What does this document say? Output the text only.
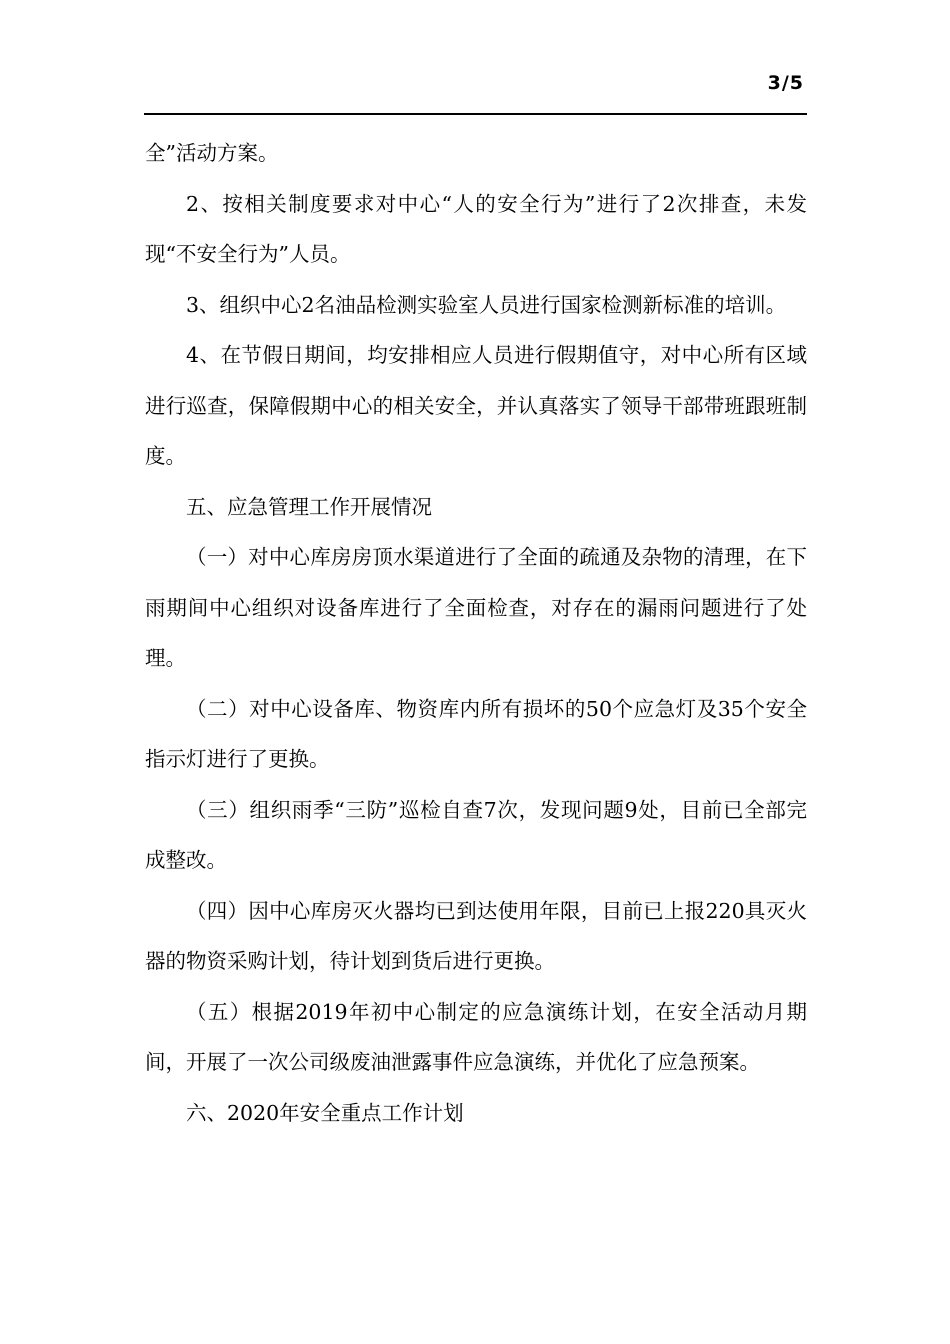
3/5

全”活动方案。

2、按相关制度要求对中心“人的安全行为”进行了2次排查，未发现“不安全行为”人员。

3、组织中心2名油品检测实验室人员进行国家检测新标准的培训。

4、在节假日期间，均安排相应人员进行假期值守，对中心所有区域进行巡查，保障假期中心的相关安全，并认真落实了领导干部带班跟班制度。

五、应急管理工作开展情况

（一）对中心库房房顶水渠道进行了全面的疏通及杂物的清理，在下雨期间中心组织对设备库进行了全面检查，对存在的漏雨问题进行了处理。

（二）对中心设备库、物资库内所有损坏的50个应急灯及35个安全指示灯进行了更换。

（三）组织雨季“三防”巡检自查7次，发现问题9处，目前已全部完成整改。

（四）因中心库房灭火器均已到达使用年限，目前已上报220具灭火器的物资采购计划，待计划到货后进行更换。

（五）根据2019年初中心制定的应急演练计划，在安全活动月期间，开展了一次公司级废油泄露事件应急演练，并优化了应急预案。

六、2020年安全重点工作计划
